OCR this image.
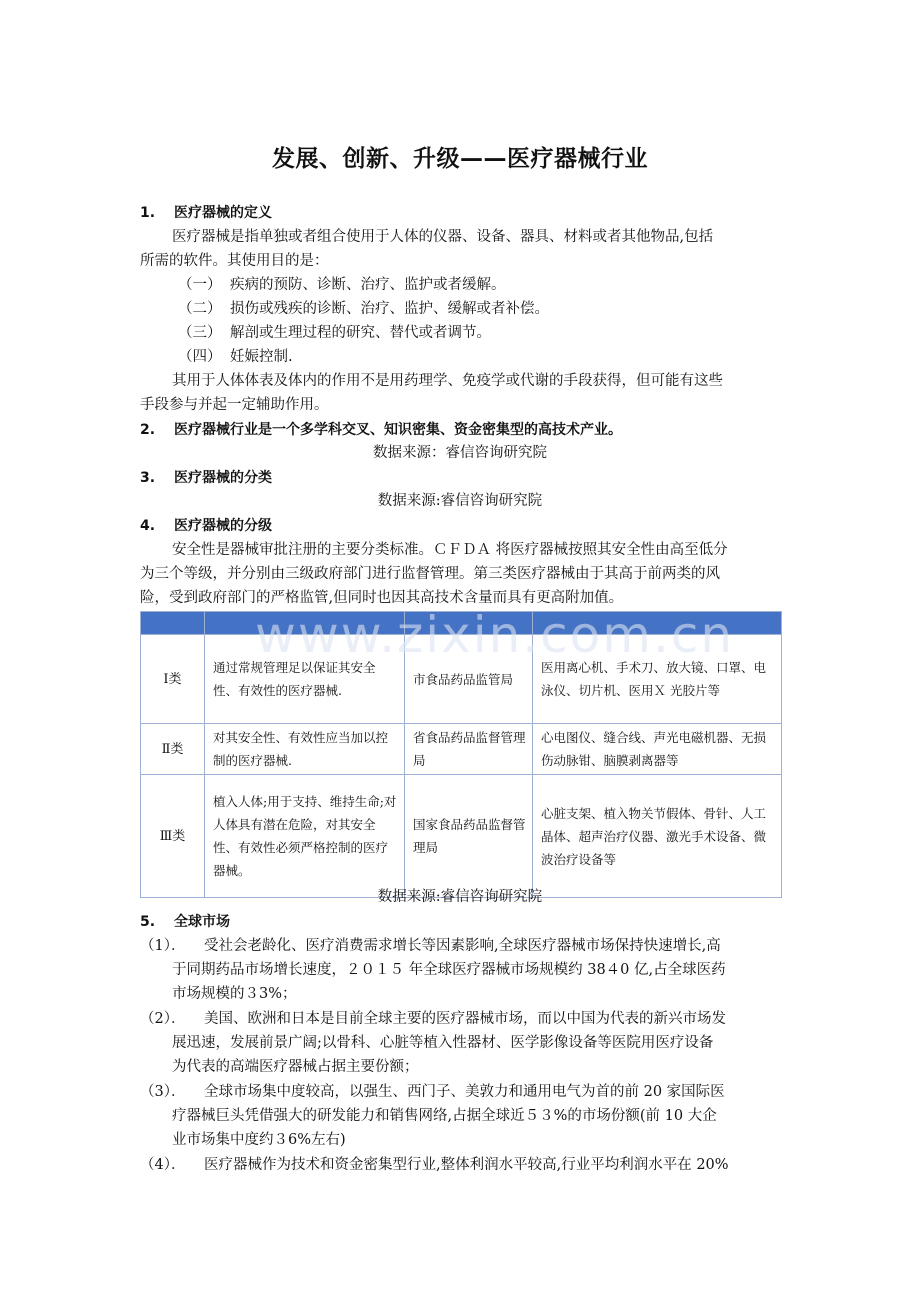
发展、创新、升级——医疗器械行业
1. 医疗器械的定义
医疗器械是指单独或者组合使用于人体的仪器、设备、器具、材料或者其他物品,包括
所需的软件。其使用目的是：
（一） 疾病的预防、诊断、治疗、监护或者缓解。
（二） 损伤或残疾的诊断、治疗、监护、缓解或者补偿。
（三） 解剖或生理过程的研究、替代或者调节。
（四） 妊娠控制.
其用于人体体表及体内的作用不是用药理学、免疫学或代谢的手段获得，但可能有这些
手段参与并起一定辅助作用。
2. 医疗器械行业是一个多学科交叉、知识密集、资金密集型的高技术产业。
数据来源：睿信咨询研究院
3. 医疗器械的分类
数据来源:睿信咨询研究院
4. 医疗器械的分级
安全性是器械审批注册的主要分类标准。ＣＦＤＡ 将医疗器械按照其安全性由高至低分
为三个等级，并分别由三级政府部门进行监督管理。第三类医疗器械由于其高于前两类的风
险，受到政府部门的严格监管,但同时也因其高技术含量而具有更高附加值。

Ⅰ类	通过常规管理足以保证其安全性、有效性的医疗器械.	市食品药品监管局	医用离心机、手术刀、放大镜、口罩、电泳仪、切片机、医用Ｘ 光胶片等
Ⅱ类	对其安全性、有效性应当加以控制的医疗器械.	省食品药品监督管理局	心电图仪、缝合线、声光电磁机器、无损伤动脉钳、脑膜剥离器等
Ⅲ类	植入人体;用于支持、维持生命;对人体具有潜在危险，对其安全性、有效性必须严格控制的医疗器械。	国家食品药品监督管理局	心脏支架、植入物关节假体、骨针、人工晶体、超声治疗仪器、激光手术设备、微波治疗设备等
www.zixin.com.cn
数据来源:睿信咨询研究院
5. 全球市场
（1）． 受社会老龄化、医疗消费需求增长等因素影响,全球医疗器械市场保持快速增长,高
于同期药品市场增长速度，２０１５ 年全球医疗器械市场规模约 38４0 亿,占全球医药
市场规模的３3%；
（2）． 美国、欧洲和日本是目前全球主要的医疗器械市场，而以中国为代表的新兴市场发
展迅速，发展前景广阔;以骨科、心脏等植入性器材、医学影像设备等医院用医疗设备
为代表的高端医疗器械占据主要份额；
（3）． 全球市场集中度较高，以强生、西门子、美敦力和通用电气为首的前 20 家国际医
疗器械巨头凭借强大的研发能力和销售网络,占据全球近５３%的市场份额(前 10 大企
业市场集中度约３6%左右)
（4）． 医疗器械作为技术和资金密集型行业,整体利润水平较高,行业平均利润水平在 20%
